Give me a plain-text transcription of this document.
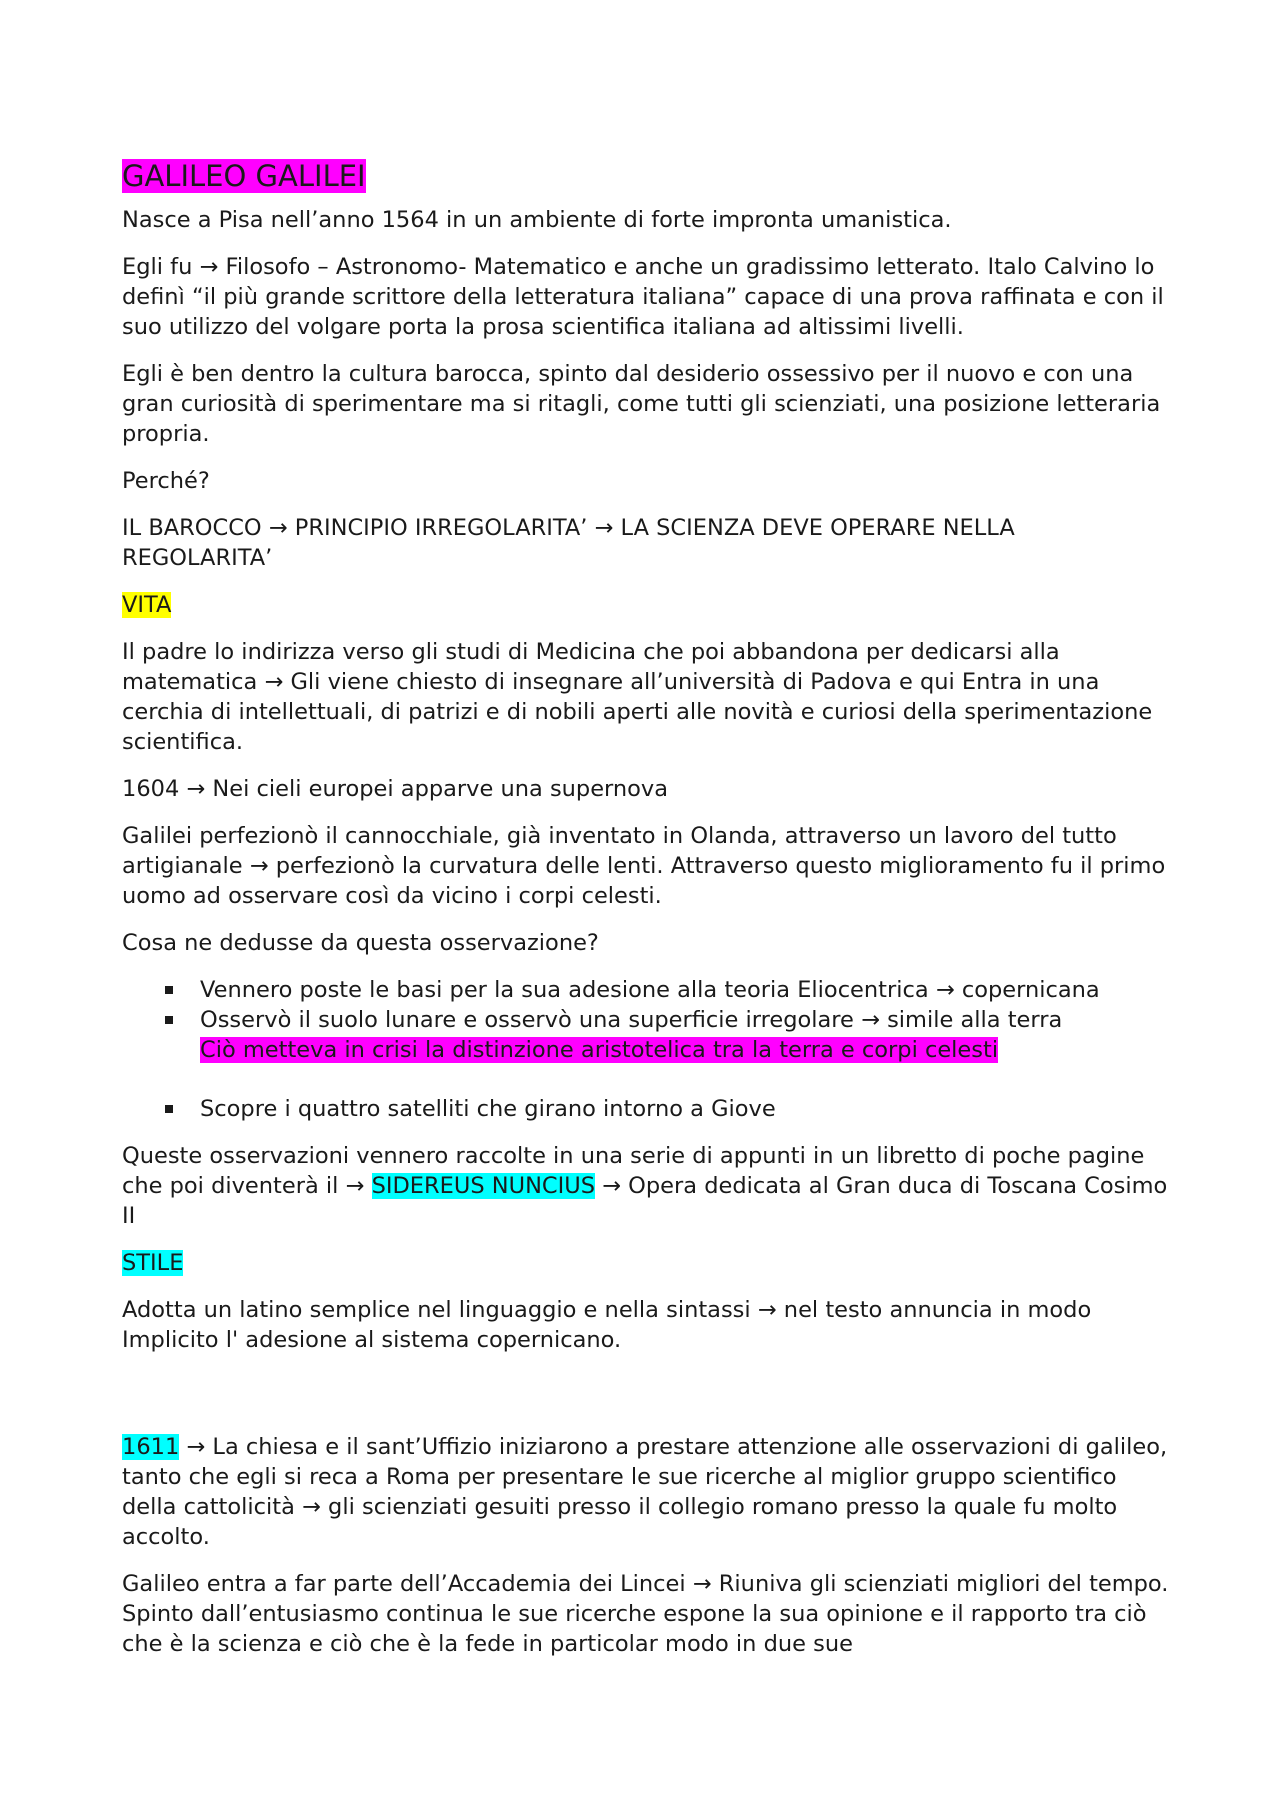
GALILEO GALILEI

Nasce a Pisa nell’anno 1564 in un ambiente di forte impronta umanistica.

Egli fu → Filosofo – Astronomo- Matematico e anche un gradissimo letterato. Italo Calvino lo definì “il più grande scrittore della letteratura italiana” capace di una prova raffinata e con il suo utilizzo del volgare porta la prosa scientifica italiana ad altissimi livelli.

Egli è ben dentro la cultura barocca, spinto dal desiderio ossessivo per il nuovo e con una gran curiosità di sperimentare ma si ritagli, come tutti gli scienziati, una posizione letteraria propria.

Perché?

IL BAROCCO → PRINCIPIO IRREGOLARITA’ → LA SCIENZA DEVE OPERARE NELLA REGOLARITA’

VITA

Il padre lo indirizza verso gli studi di Medicina che poi abbandona per dedicarsi alla matematica → Gli viene chiesto di insegnare all’università di Padova e qui Entra in una cerchia di intellettuali, di patrizi e di nobili aperti alle novità e curiosi della sperimentazione scientifica.

1604 → Nei cieli europei apparve una supernova

Galilei perfezionò il cannocchiale, già inventato in Olanda, attraverso un lavoro del tutto artigianale → perfezionò la curvatura delle lenti. Attraverso questo miglioramento fu il primo uomo ad osservare così da vicino i corpi celesti.

Cosa ne dedusse da questa osservazione?

Vennero poste le basi per la sua adesione alla teoria Eliocentrica → copernicana
Osservò il suolo lunare e osservò una superficie irregolare → simile alla terra
Ciò metteva in crisi la distinzione aristotelica tra la terra e corpi celesti
Scopre i quattro satelliti che girano intorno a Giove

Queste osservazioni vennero raccolte in una serie di appunti in un libretto di poche pagine che poi diventerà il → SIDEREUS NUNCIUS → Opera dedicata al Gran duca di Toscana Cosimo II

STILE

Adotta un latino semplice nel linguaggio e nella sintassi → nel testo annuncia in modo Implicito l' adesione al sistema copernicano.

1611 → La chiesa e il sant’Uffizio iniziarono a prestare attenzione alle osservazioni di galileo, tanto che egli si reca a Roma per presentare le sue ricerche al miglior gruppo scientifico della cattolicità → gli scienziati gesuiti presso il collegio romano presso la quale fu molto accolto.

Galileo entra a far parte dell’Accademia dei Lincei → Riuniva gli scienziati migliori del tempo. Spinto dall’entusiasmo continua le sue ricerche espone la sua opinione e il rapporto tra ciò che è la scienza e ciò che è la fede in particolar modo in due sue
